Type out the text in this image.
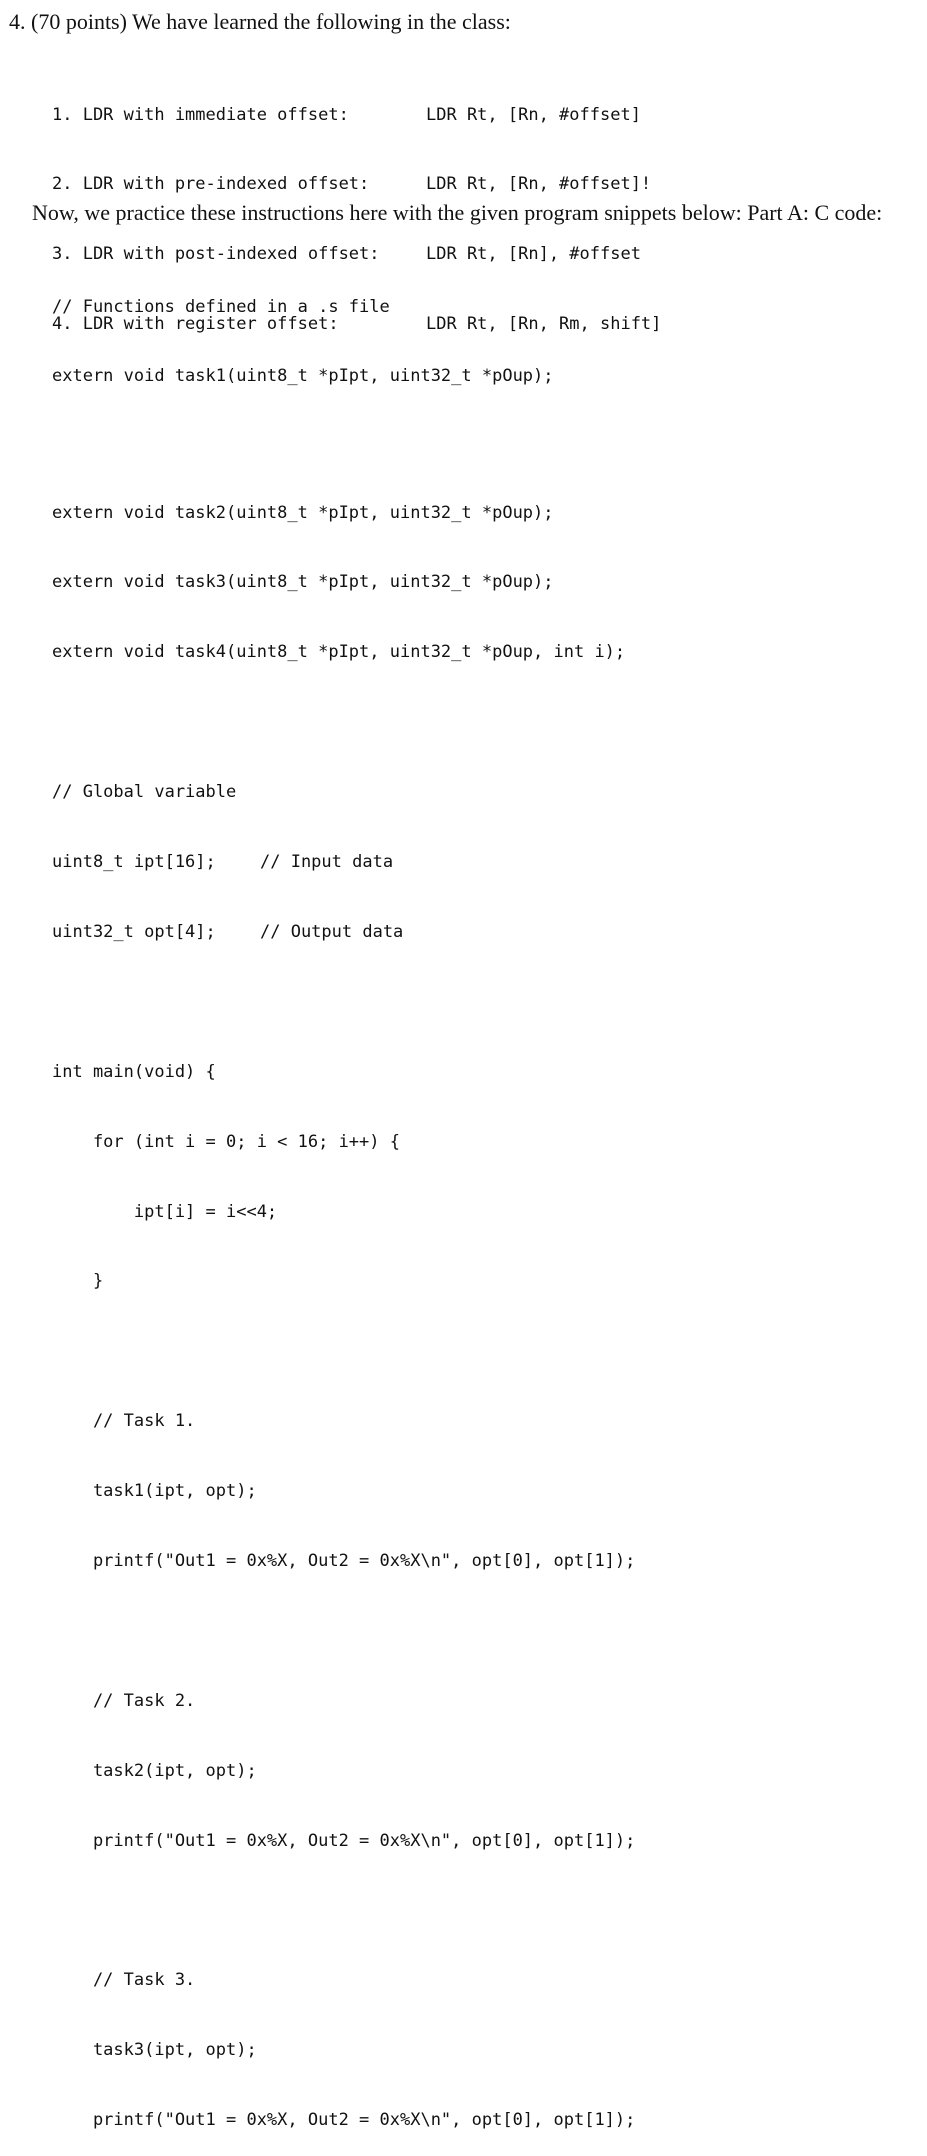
4. (70 points) We have learned the following in the class:

1. LDR with immediate offset:	LDR Rt, [Rn, #offset]

2. LDR with pre-indexed offset:	LDR Rt, [Rn, #offset]!

3. LDR with post-indexed offset:	LDR Rt, [Rn], #offset

4. LDR with register offset:	LDR Rt, [Rn, Rm, shift]

Now, we practice these instructions here with the given program snippets below: Part A: C code:

// Functions defined in a .s file

extern void task1(uint8_t *pIpt, uint32_t *pOup);

extern void task2(uint8_t *pIpt, uint32_t *pOup);

extern void task3(uint8_t *pIpt, uint32_t *pOup);

extern void task4(uint8_t *pIpt, uint32_t *pOup, int i);

// Global variable

uint8_t ipt[16];	// Input data

uint32_t opt[4];	// Output data

int main(void) {

for (int i = 0; i < 16; i++) {

ipt[i] = i<<4;

}

// Task 1.

task1(ipt, opt);

printf("Out1 = 0x%X, Out2 = 0x%X\n", opt[0], opt[1]);

// Task 2.

task2(ipt, opt);

printf("Out1 = 0x%X, Out2 = 0x%X\n", opt[0], opt[1]);

// Task 3.

task3(ipt, opt);

printf("Out1 = 0x%X, Out2 = 0x%X\n", opt[0], opt[1]);
